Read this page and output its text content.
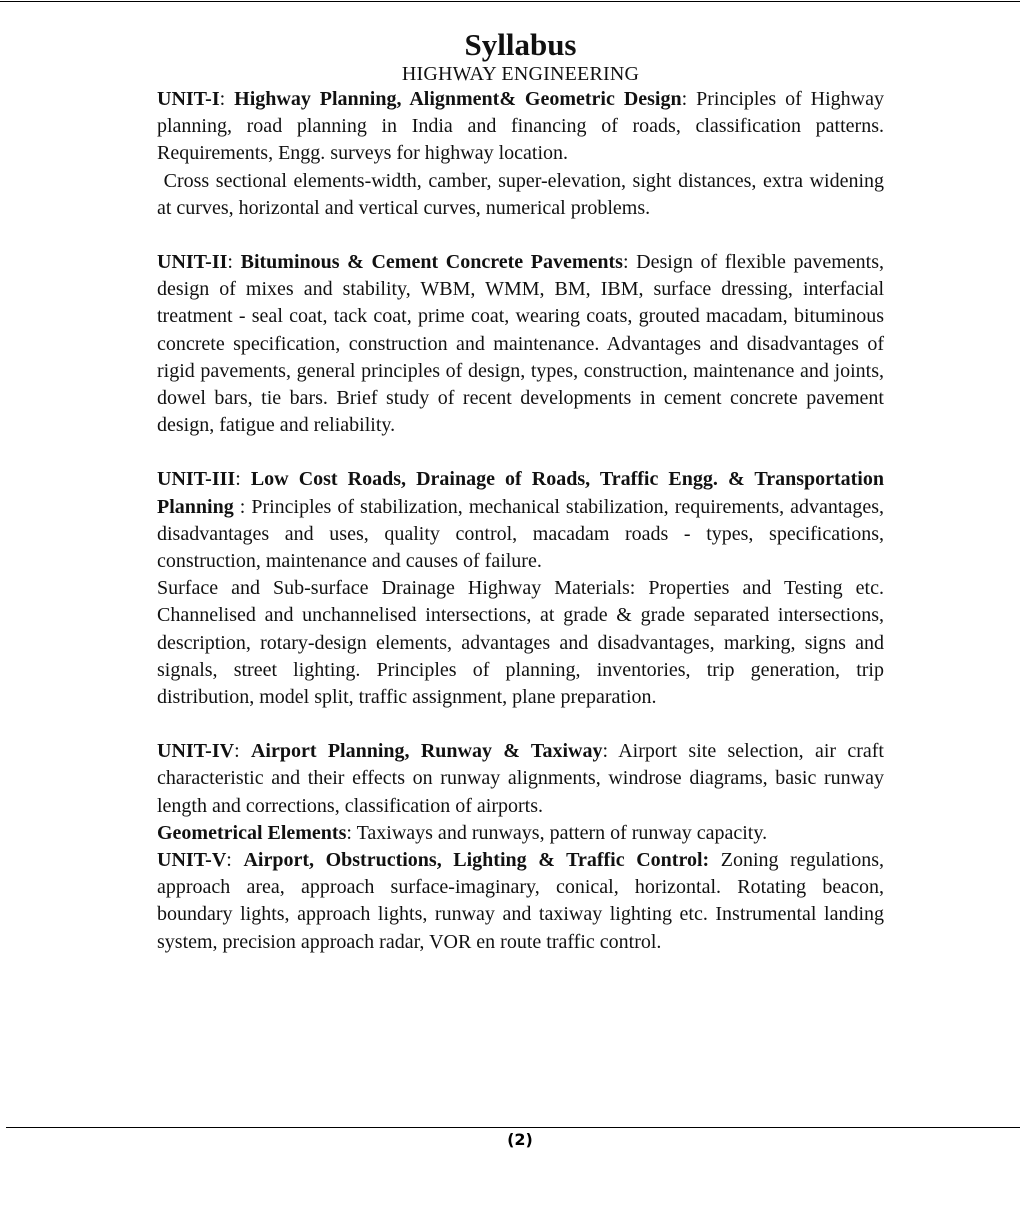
Syllabus

HIGHWAY ENGINEERING

UNIT-I: Highway Planning, Alignment& Geometric Design: Principles of Highway planning, road planning in India and financing of roads, classification patterns. Requirements, Engg. surveys for highway location.

Cross sectional elements-width, camber, super-elevation, sight distances, extra widening at curves, horizontal and vertical curves, numerical problems.

UNIT-II: Bituminous & Cement Concrete Pavements: Design of flexible pavements, design of mixes and stability, WBM, WMM, BM, IBM, surface dressing, interfacial treatment - seal coat, tack coat, prime coat, wearing coats, grouted macadam, bituminous concrete specification, construction and maintenance. Advantages and disadvantages of rigid pavements, general principles of design, types, construction, maintenance and joints, dowel bars, tie bars. Brief study of recent developments in cement concrete pavement design, fatigue and reliability.

UNIT-III: Low Cost Roads, Drainage of Roads, Traffic Engg. & Transportation Planning : Principles of stabilization, mechanical stabilization, requirements, advantages, disadvantages and uses, quality control, macadam roads - types, specifications, construction, maintenance and causes of failure.

Surface and Sub-surface Drainage Highway Materials: Properties and Testing etc. Channelised and unchannelised intersections, at grade & grade separated intersections, description, rotary-design elements, advantages and disadvantages, marking, signs and signals, street lighting. Principles of planning, inventories, trip generation, trip distribution, model split, traffic assignment, plane preparation.

UNIT-IV: Airport Planning, Runway & Taxiway: Airport site selection, air craft characteristic and their effects on runway alignments, windrose diagrams, basic runway length and corrections, classification of airports.

Geometrical Elements: Taxiways and runways, pattern of runway capacity.

UNIT-V: Airport, Obstructions, Lighting & Traffic Control: Zoning regulations, approach area, approach surface-imaginary, conical, horizontal. Rotating beacon, boundary lights, approach lights, runway and taxiway lighting etc. Instrumental landing system, precision approach radar, VOR en route traffic control.

(2)
